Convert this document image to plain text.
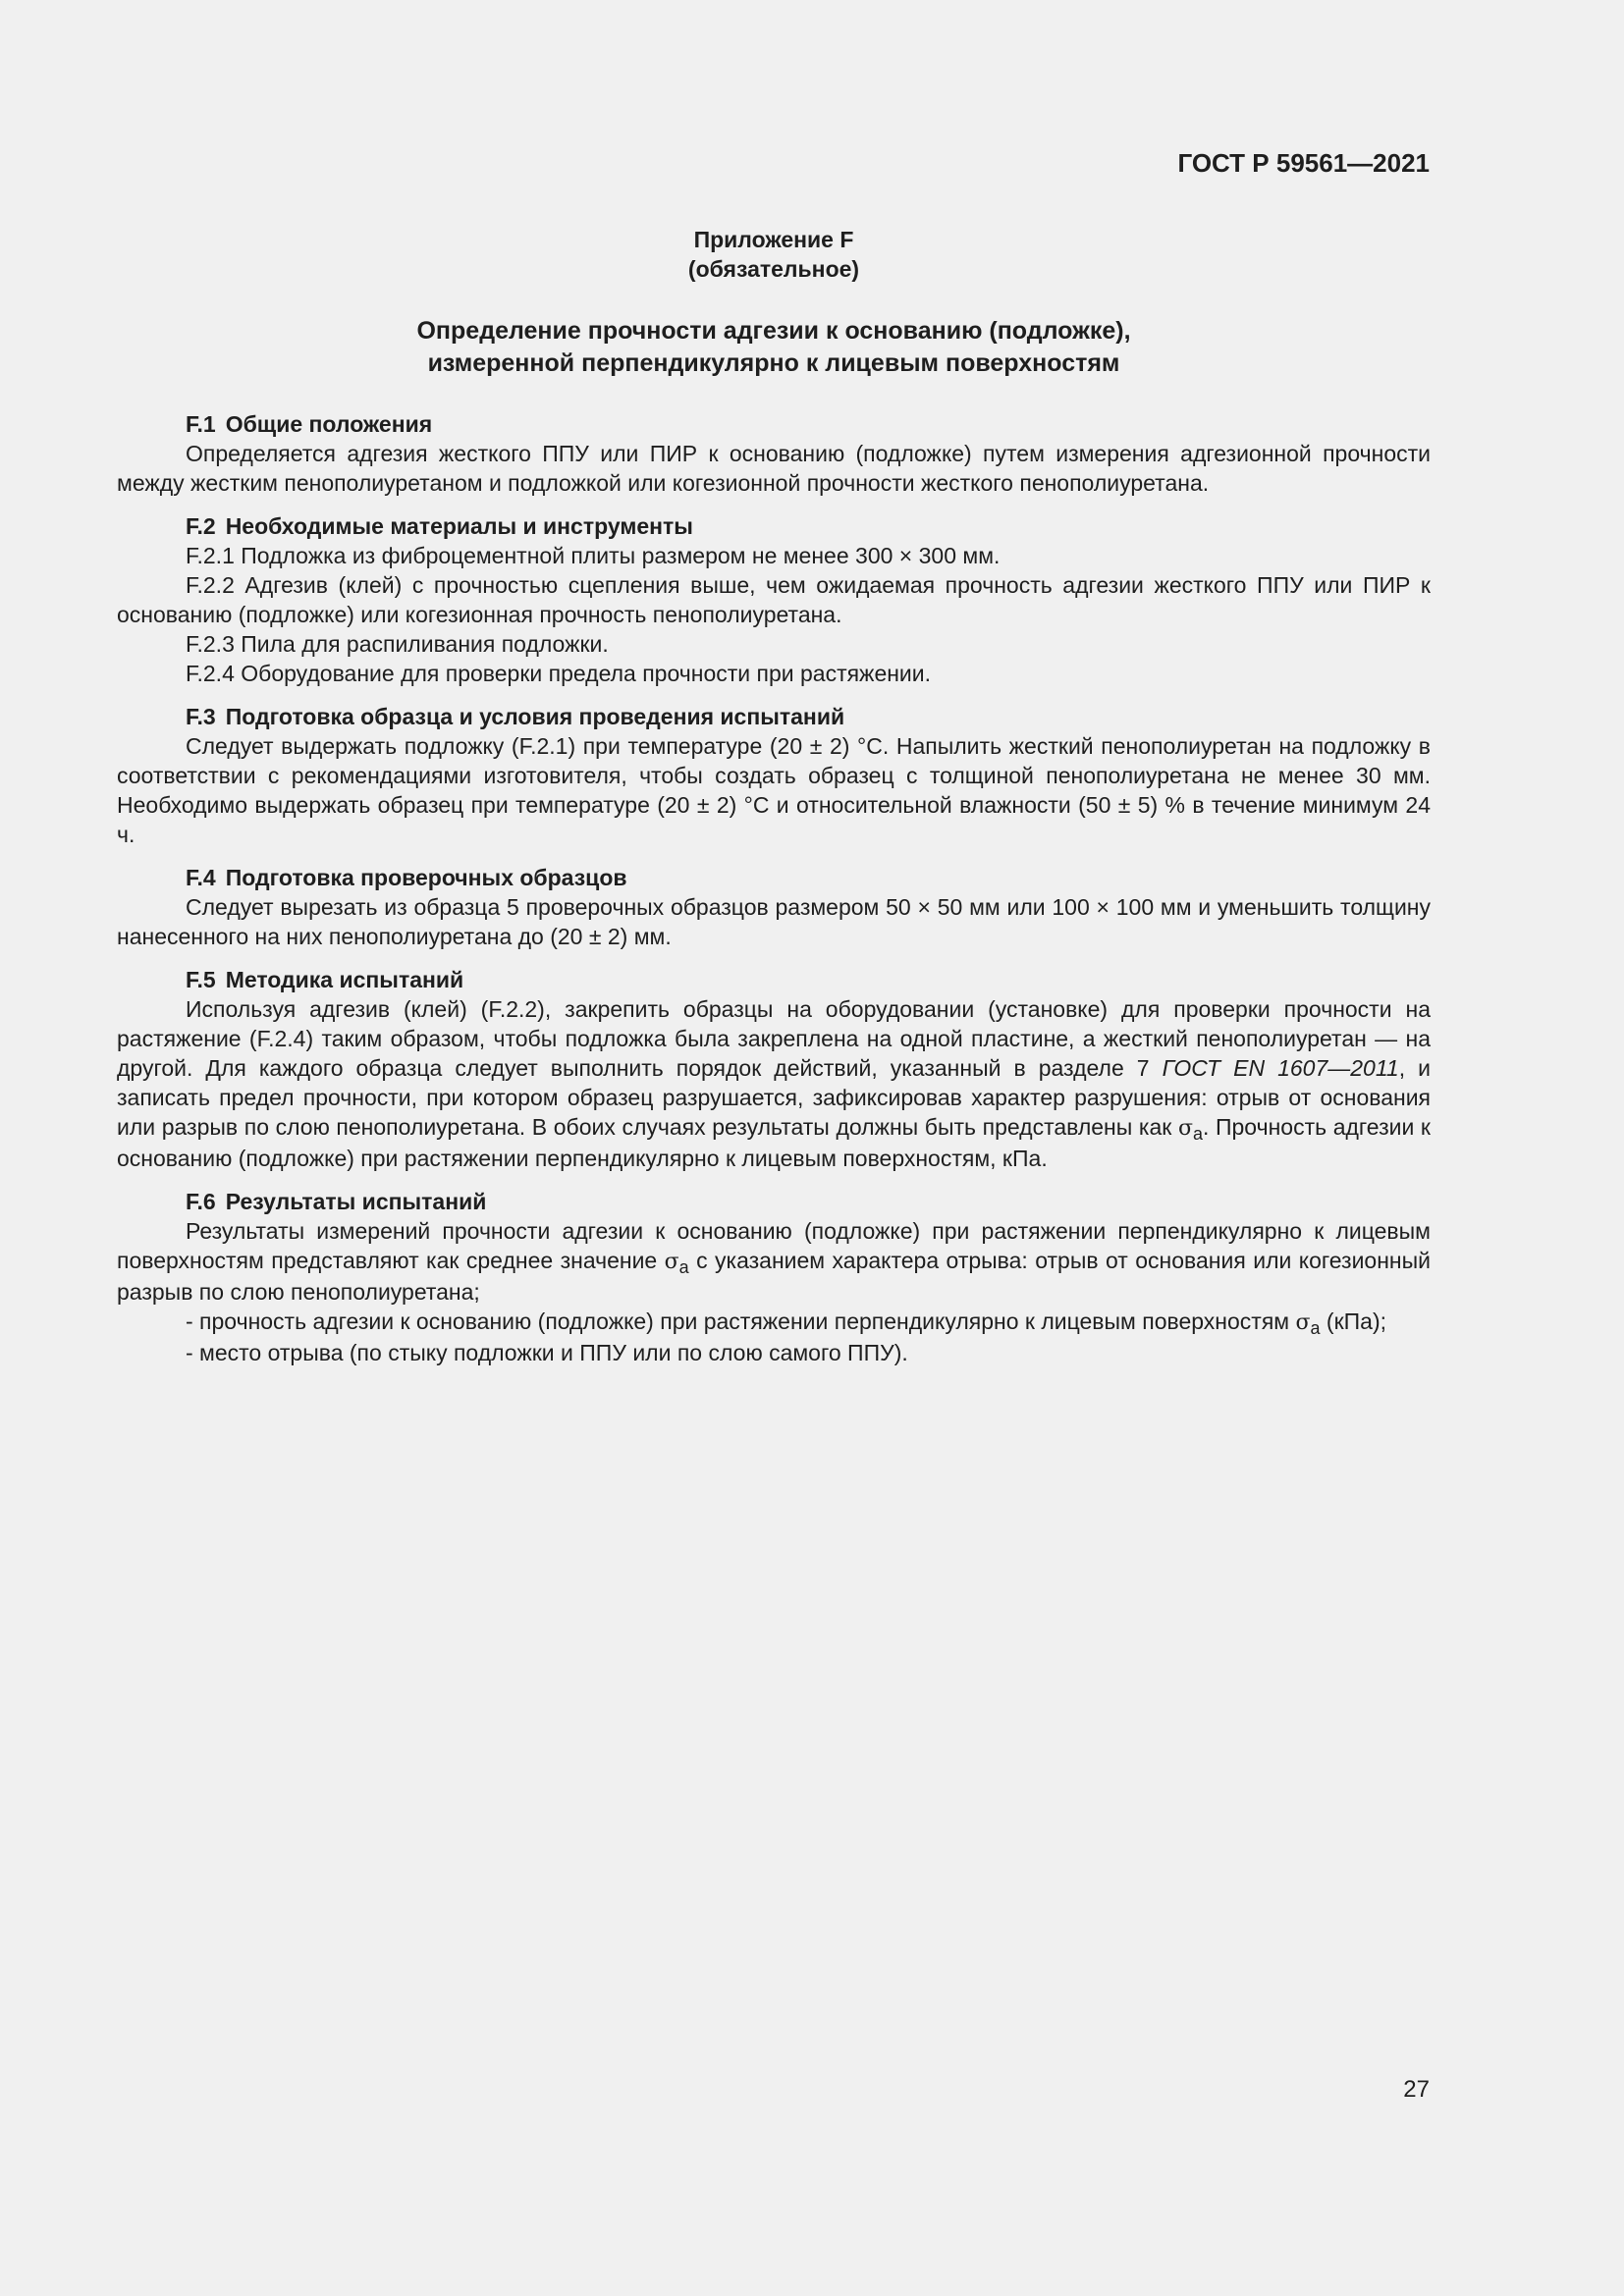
ГОСТ Р 59561—2021
Приложение F
(обязательное)
Определение прочности адгезии к основанию (подложке),
измеренной перпендикулярно к лицевым поверхностям
F.1 Общие положения

Определяется адгезия жесткого ППУ или ПИР к основанию (подложке) путем измерения адгезионной прочности между жестким пенополиуретаном и подложкой или когезионной прочности жесткого пенополиуретана.

F.2 Необходимые материалы и инструменты

F.2.1 Подложка из фиброцементной плиты размером не менее 300 × 300 мм.

F.2.2 Адгезив (клей) с прочностью сцепления выше, чем ожидаемая прочность адгезии жесткого ППУ или ПИР к основанию (подложке) или когезионная прочность пенополиуретана.

F.2.3 Пила для распиливания подложки.

F.2.4 Оборудование для проверки предела прочности при растяжении.

F.3 Подготовка образца и условия проведения испытаний

Следует выдержать подложку (F.2.1) при температуре (20 ± 2) °C. Напылить жесткий пенополиуретан на подложку в соответствии с рекомендациями изготовителя, чтобы создать образец с толщиной пенополиуретана не менее 30 мм. Необходимо выдержать образец при температуре (20 ± 2) °C и относительной влажности (50 ± 5) % в течение минимум 24 ч.

F.4 Подготовка проверочных образцов

Следует вырезать из образца 5 проверочных образцов размером 50 × 50 мм или 100 × 100 мм и уменьшить толщину нанесенного на них пенополиуретана до (20 ± 2) мм.

F.5 Методика испытаний

Используя адгезив (клей) (F.2.2), закрепить образцы на оборудовании (установке) для проверки прочности на растяжение (F.2.4) таким образом, чтобы подложка была закреплена на одной пластине, а жесткий пенополиуретан — на другой. Для каждого образца следует выполнить порядок действий, указанный в разделе 7 ГОСТ EN 1607—2011, и записать предел прочности, при котором образец разрушается, зафиксировав характер разрушения: отрыв от основания или разрыв по слою пенополиуретана. В обоих случаях результаты должны быть представлены как $\sigma_a$. Прочность адгезии к основанию (подложке) при растяжении перпендикулярно к лицевым поверхностям, кПа.

F.6 Результаты испытаний

Результаты измерений прочности адгезии к основанию (подложке) при растяжении перпендикулярно к лицевым поверхностям представляют как среднее значение $\sigma_a$ с указанием характера отрыва: отрыв от основания или когезионный разрыв по слою пенополиуретана;

- прочность адгезии к основанию (подложке) при растяжении перпендикулярно к лицевым поверхностям $\sigma_a$ (кПа);

- место отрыва (по стыку подложки и ППУ или по слою самого ППУ).

27
